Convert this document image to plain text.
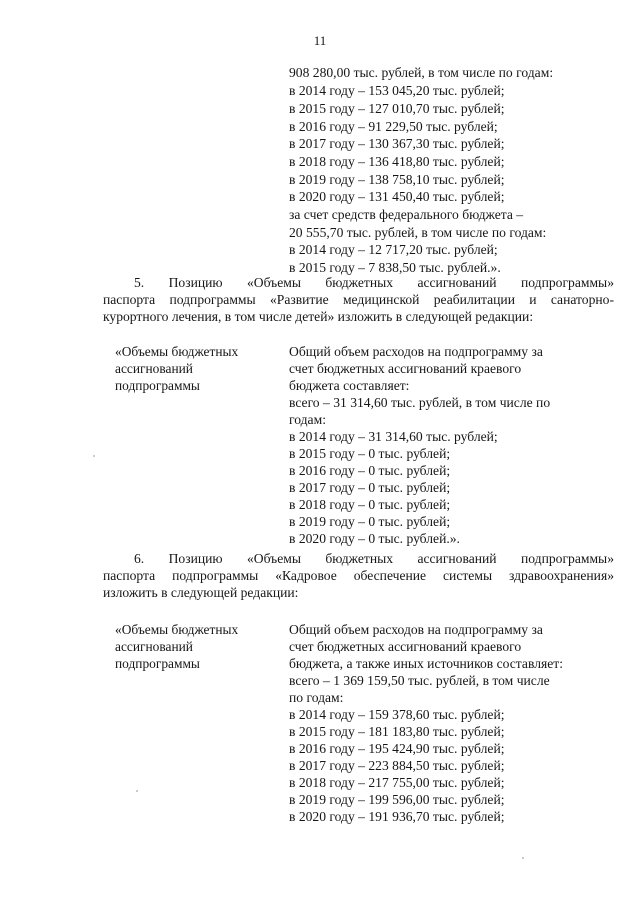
11
908 280,00 тыс. рублей, в том числе по годам:
в 2014 году – 153 045,20 тыс. рублей;
в 2015 году – 127 010,70 тыс. рублей;
в 2016 году – 91 229,50 тыс. рублей;
в 2017 году – 130 367,30 тыс. рублей;
в 2018 году – 136 418,80 тыс. рублей;
в 2019 году – 138 758,10 тыс. рублей;
в 2020 году – 131 450,40 тыс. рублей;
за счет средств федерального бюджета –
20 555,70 тыс. рублей, в том числе по годам:
в 2014 году – 12 717,20 тыс. рублей;
в 2015 году – 7 838,50 тыс. рублей.».
5. Позицию «Объемы бюджетных ассигнований подпрограммы»
паспорта подпрограммы «Развитие медицинской реабилитации и санаторно-
курортного лечения, в том числе детей» изложить в следующей редакции:
«Объемы бюджетных
ассигнований
подпрограммы
Общий объем расходов на подпрограмму за
счет бюджетных ассигнований краевого
бюджета составляет:
всего – 31 314,60 тыс. рублей, в том числе по
годам:
в 2014 году – 31 314,60 тыс. рублей;
в 2015 году – 0 тыс. рублей;
в 2016 году – 0 тыс. рублей;
в 2017 году – 0 тыс. рублей;
в 2018 году – 0 тыс. рублей;
в 2019 году – 0 тыс. рублей;
в 2020 году – 0 тыс. рублей.».
6. Позицию «Объемы бюджетных ассигнований подпрограммы»
паспорта подпрограммы «Кадровое обеспечение системы здравоохранения»
изложить в следующей редакции:
«Объемы бюджетных
ассигнований
подпрограммы
Общий объем расходов на подпрограмму за
счет бюджетных ассигнований краевого
бюджета, а также иных источников составляет:
всего – 1 369 159,50 тыс. рублей, в том числе
по годам:
в 2014 году – 159 378,60 тыс. рублей;
в 2015 году – 181 183,80 тыс. рублей;
в 2016 году – 195 424,90 тыс. рублей;
в 2017 году – 223 884,50 тыс. рублей;
в 2018 году – 217 755,00 тыс. рублей;
в 2019 году – 199 596,00 тыс. рублей;
в 2020 году – 191 936,70 тыс. рублей;
